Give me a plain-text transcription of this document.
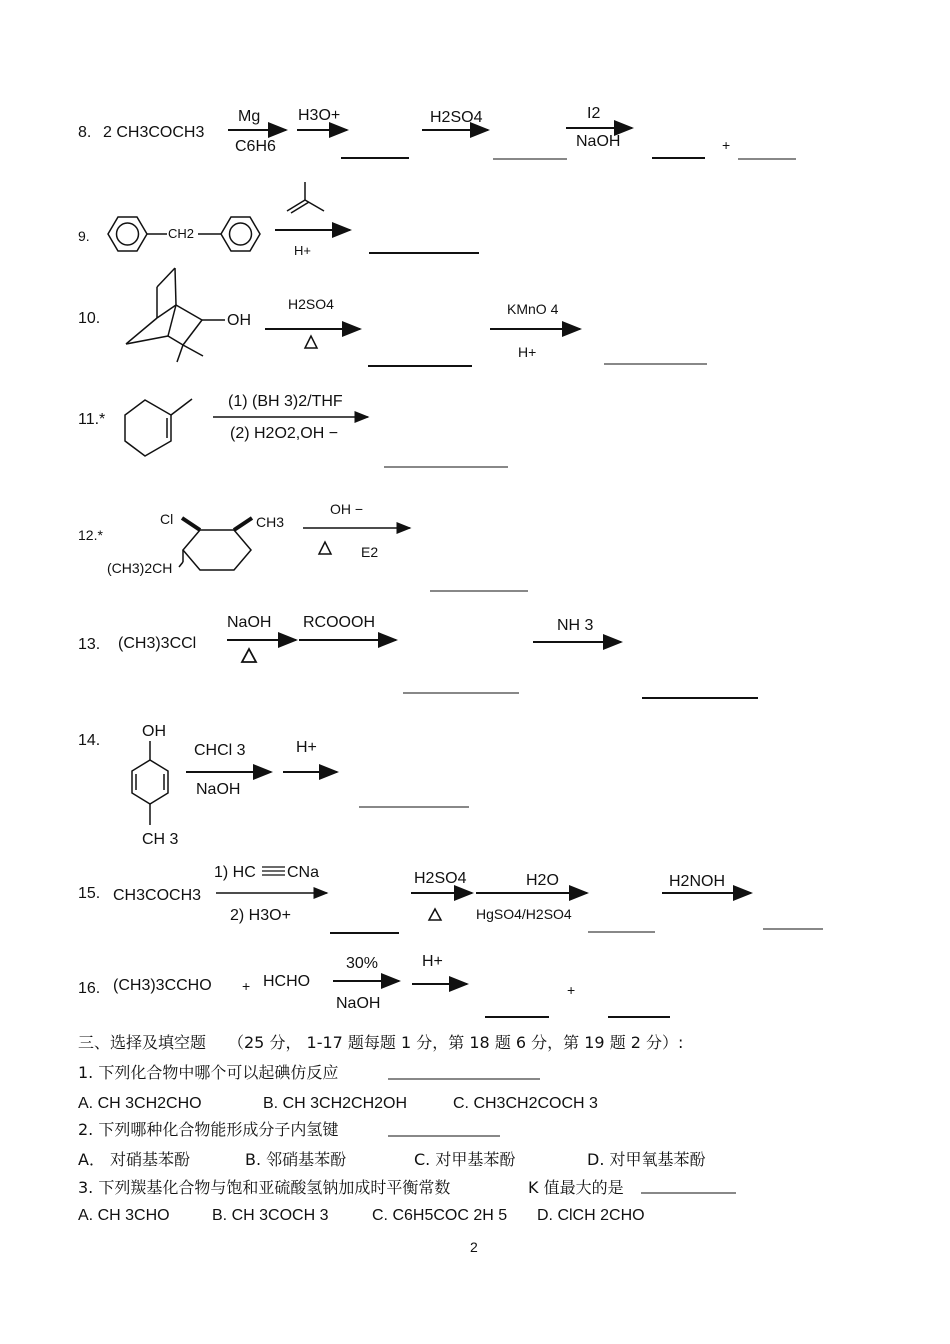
8. 2 CH3COCH3
Mg
C6H6
H3O+	H2SO4	I2
NaOH	+
9.	CH2
H+
10.	OH
H2SO4	KMnO 4
H+
11.*
(1) (BH 3)2/THF
(2) H2O2,OH −
12.*
Cl	CH3
(CH3)2CH
OH −
E2
13. (CH3)3CCl
NaOH RCOOOH	NH 3
14.
OH
CH 3
CHCl 3
NaOH
H+
15. CH3COCH3
1) HC CNa
2) H3O+
H2SO4	H2O
HgSO4/H2SO4
H2NOH
16. (CH3)3CCHO + HCHO
30%
NaOH
H+
+
三、选择及填空题 （25 分， 1-17 题每题 1 分，第 18 题 6 分，第 19 题 2 分）:
1. 下列化合物中哪个可以起碘仿反应
A. CH 3CH2CHO	B. CH 3CH2CH2OH	C. CH3CH2COCH 3
2. 下列哪种化合物能形成分子内氢键
A． 对硝基苯酚	B. 邻硝基苯酚	C. 对甲基苯酚	D. 对甲氧基苯酚
3. 下列羰基化合物与饱和亚硫酸氢钠加成时平衡常数	K 值最大的是
A. CH 3CHO	B. CH 3COCH 3	C. C6H5COC 2H 5 D. ClCH 2CHO
2
